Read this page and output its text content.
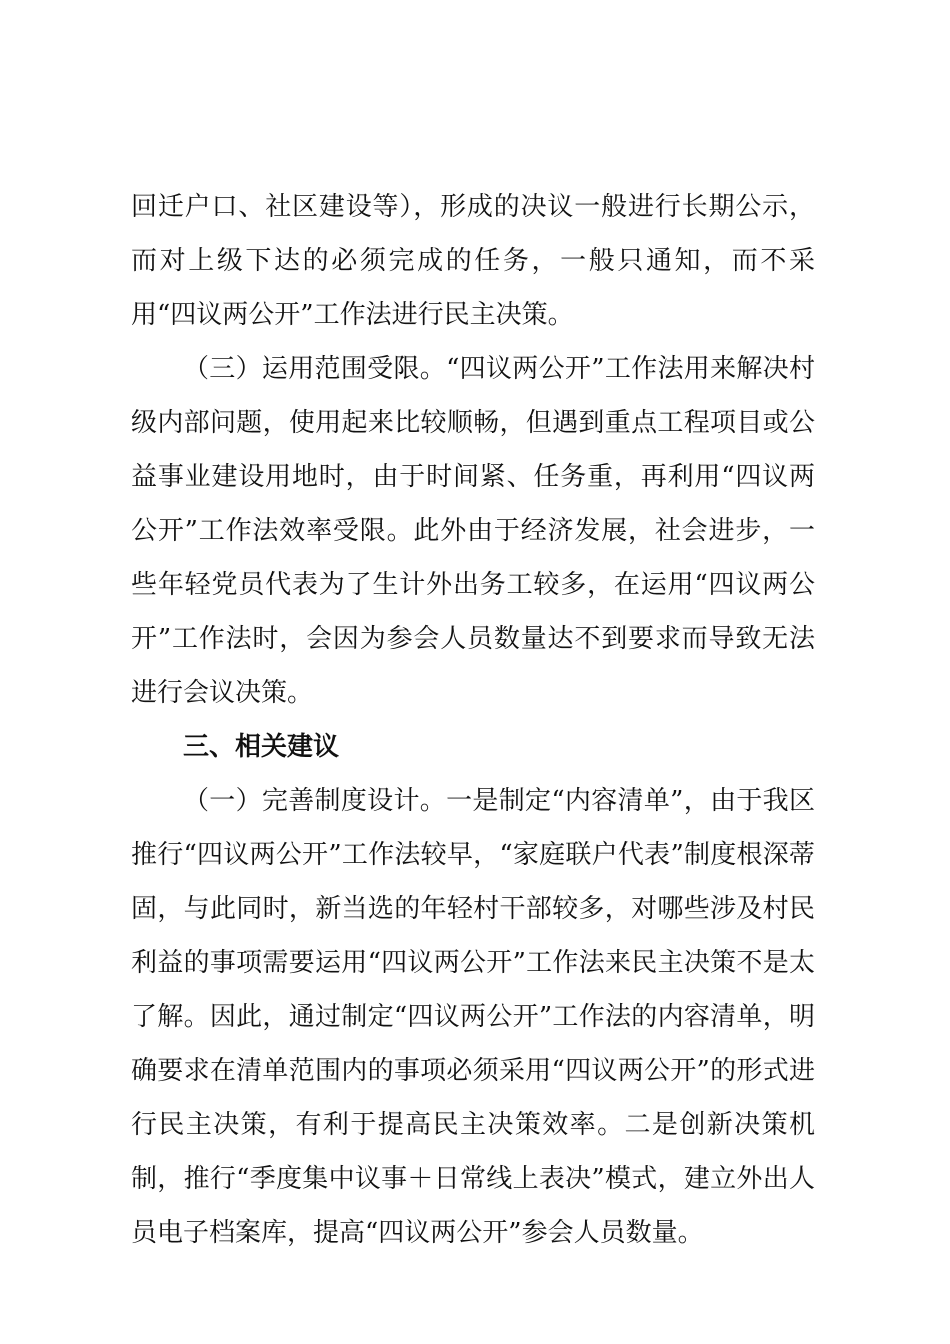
回迁户口、社区建设等），形成的决议一般进行长期公示，而对上级下达的必须完成的任务，一般只通知，而不采用“四议两公开”工作法进行民主决策。

（三）运用范围受限。“四议两公开”工作法用来解决村级内部问题，使用起来比较顺畅，但遇到重点工程项目或公益事业建设用地时，由于时间紧、任务重，再利用“四议两公开”工作法效率受限。此外由于经济发展，社会进步，一些年轻党员代表为了生计外出务工较多，在运用“四议两公开”工作法时，会因为参会人员数量达不到要求而导致无法进行会议决策。

三、相关建议

（一）完善制度设计。一是制定“内容清单”，由于我区推行“四议两公开”工作法较早，“家庭联户代表”制度根深蒂固，与此同时，新当选的年轻村干部较多，对哪些涉及村民利益的事项需要运用“四议两公开”工作法来民主决策不是太了解。因此，通过制定“四议两公开”工作法的内容清单，明确要求在清单范围内的事项必须采用“四议两公开”的形式进行民主决策，有利于提高民主决策效率。二是创新决策机制，推行“季度集中议事＋日常线上表决”模式，建立外出人员电子档案库，提高“四议两公开”参会人员数量。
